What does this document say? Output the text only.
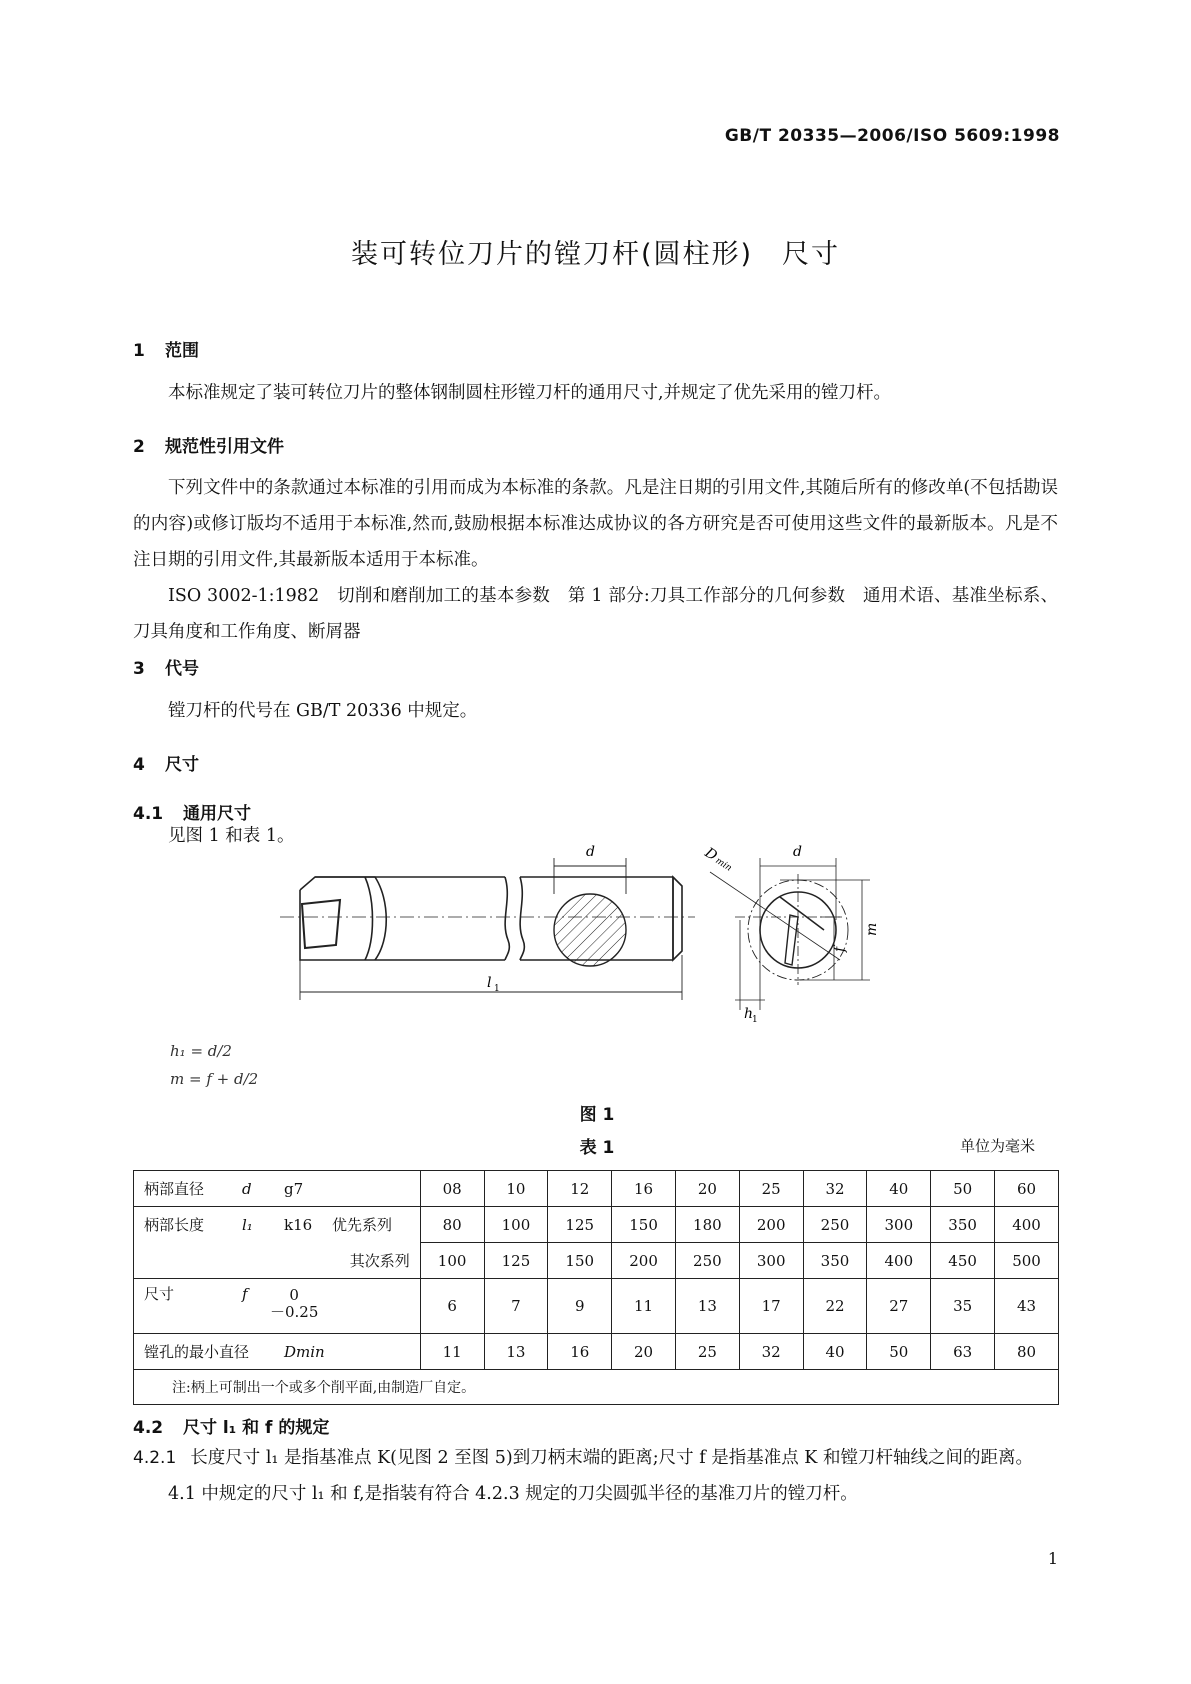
GB/T 20335—2006/ISO 5609:1998
装可转位刀片的镗刀杆(圆柱形)　尺寸
1 范围

本标准规定了装可转位刀片的整体钢制圆柱形镗刀杆的通用尺寸,并规定了优先采用的镗刀杆。

2 规范性引用文件

下列文件中的条款通过本标准的引用而成为本标准的条款。凡是注日期的引用文件,其随后所有的修改单(不包括勘误的内容)或修订版均不适用于本标准,然而,鼓励根据本标准达成协议的各方研究是否可使用这些文件的最新版本。凡是不注日期的引用文件,其最新版本适用于本标准。

ISO 3002-1:1982　切削和磨削加工的基本参数　第 1 部分:刀具工作部分的几何参数　通用术语、基准坐标系、刀具角度和工作角度、断屑器

3 代号

镗刀杆的代号在 GB/T 20336 中规定。

4 尺寸
4.1 通用尺寸

见图 1 和表 1。

d
l 1
d
D
min
m
f
h
1
h₁ = d/2
m = f + d/2
图 1
表 1	单位为毫米
柄部直径 d g7	08	10	12	16	20	25	32	40	50	60
柄部长度 l₁ k16 优先系列	80	100	125	150	180	200	250	300	350	400
其次系列	100	125	150	200	250	300	350	400	450	500
尺寸 f 0
－0.25	6	7	9	11	13	17	22	27	35	43
镗孔的最小直径 Dmin	11	13	16	20	25	32	40	50	63	80
注:柄上可制出一个或多个削平面,由制造厂自定。										
4.2 尺寸 l₁ 和 f 的规定

4.2.1 长度尺寸 l₁ 是指基准点 K(见图 2 至图 5)到刀柄末端的距离;尺寸 f 是指基准点 K 和镗刀杆轴线之间的距离。

4.1 中规定的尺寸 l₁ 和 f,是指装有符合 4.2.3 规定的刀尖圆弧半径的基准刀片的镗刀杆。

1
